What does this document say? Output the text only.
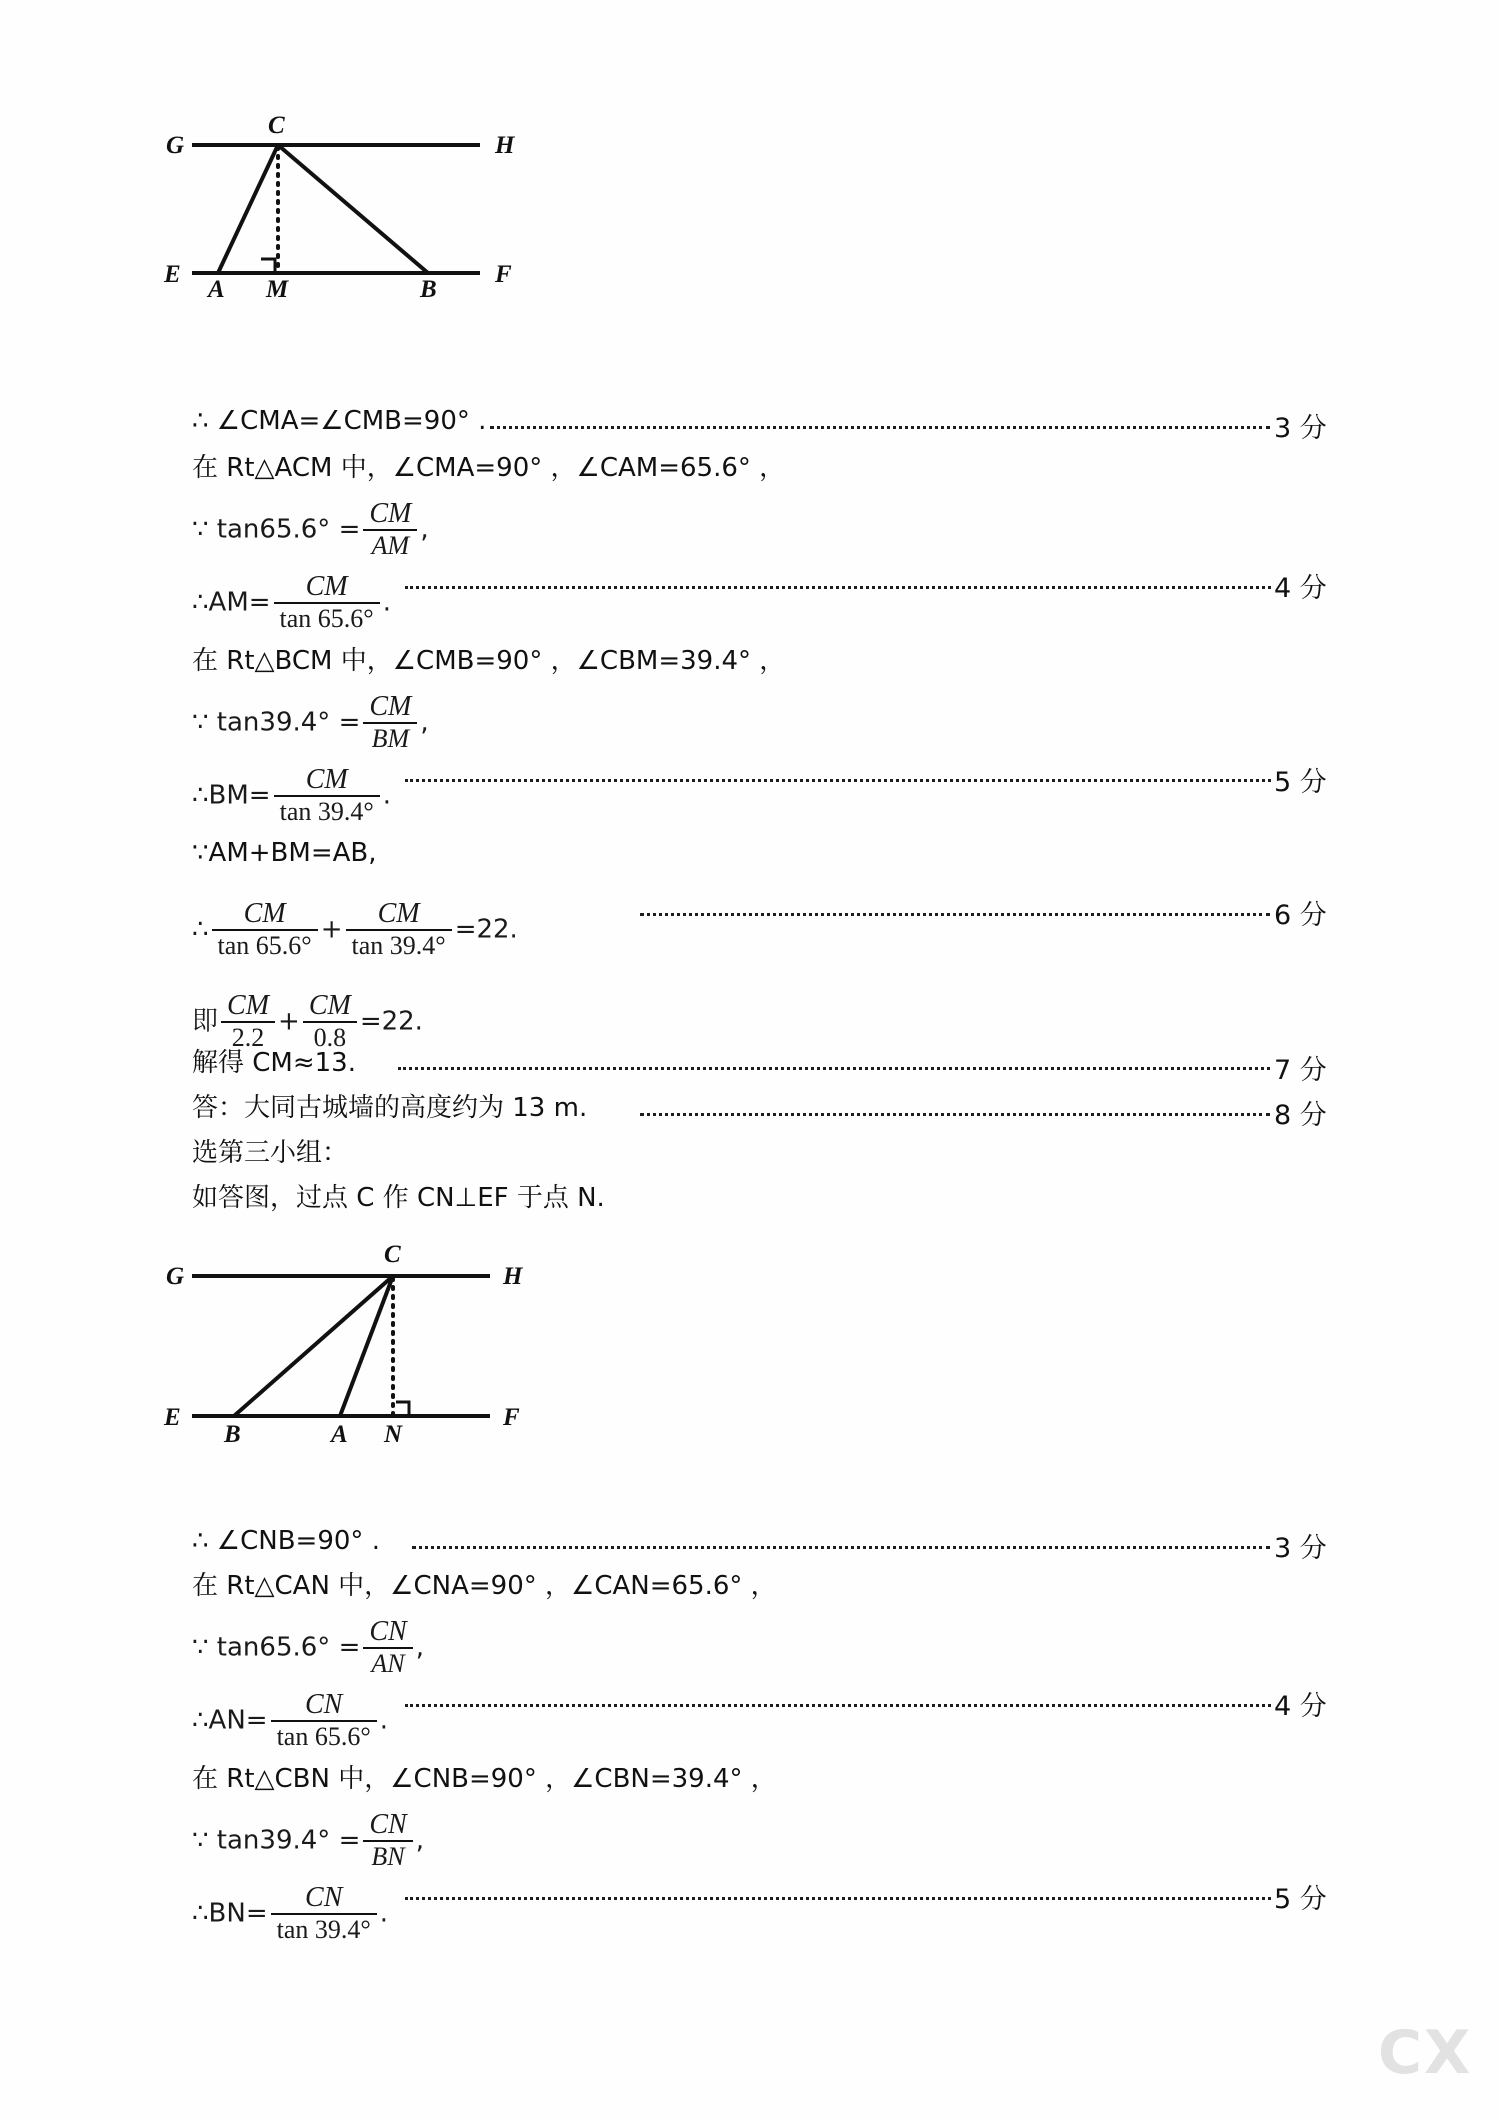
G	H
C
E	F
A M	B
∴ ∠CMA=∠CMB=90° .	3 分
在 Rt△ACM 中，∠CMA=90° ，∠CAM=65.6° ，
∵ $\tan 65.6^\circ = \frac{CM}{AM}$ ,
∴AM= $\frac{CM}{\tan 65.6^\circ}$ .	4 分
在 Rt△BCM 中，∠CMB=90° ，∠CBM=39.4° ，
∵ $\tan 39.4^\circ = \frac{CM}{BM}$ ,
∴BM= $\frac{CM}{\tan 39.4^\circ}$ .	5 分
∵AM+BM=AB,
∴ $\frac{CM}{\tan 65.6^\circ} + \frac{CM}{\tan 39.4^\circ} =22$.	6 分
即 $\frac{CM}{2.2} + \frac{CM}{0.8} =22$.
解得 CM≈13.	7 分
答：大同古城墙的高度约为 13 m.	8 分
选第三小组：
如答图，过点 C 作 CN⊥EF 于点 N.
G	H
C
E	F
B	A N
∴ ∠CNB=90° .	3 分
在 Rt△CAN 中，∠CNA=90° ，∠CAN=65.6° ，
∵ $\tan 65.6^\circ = \frac{CN}{AN}$ ,
∴AN= $\frac{CN}{\tan 65.6^\circ}$ .	4 分
在 Rt△CBN 中，∠CNB=90° ，∠CBN=39.4° ，
∵ $\tan 39.4^\circ = \frac{CN}{BN}$ ,
∴BN= $\frac{CN}{\tan 39.4^\circ}$ .	5 分
CX
